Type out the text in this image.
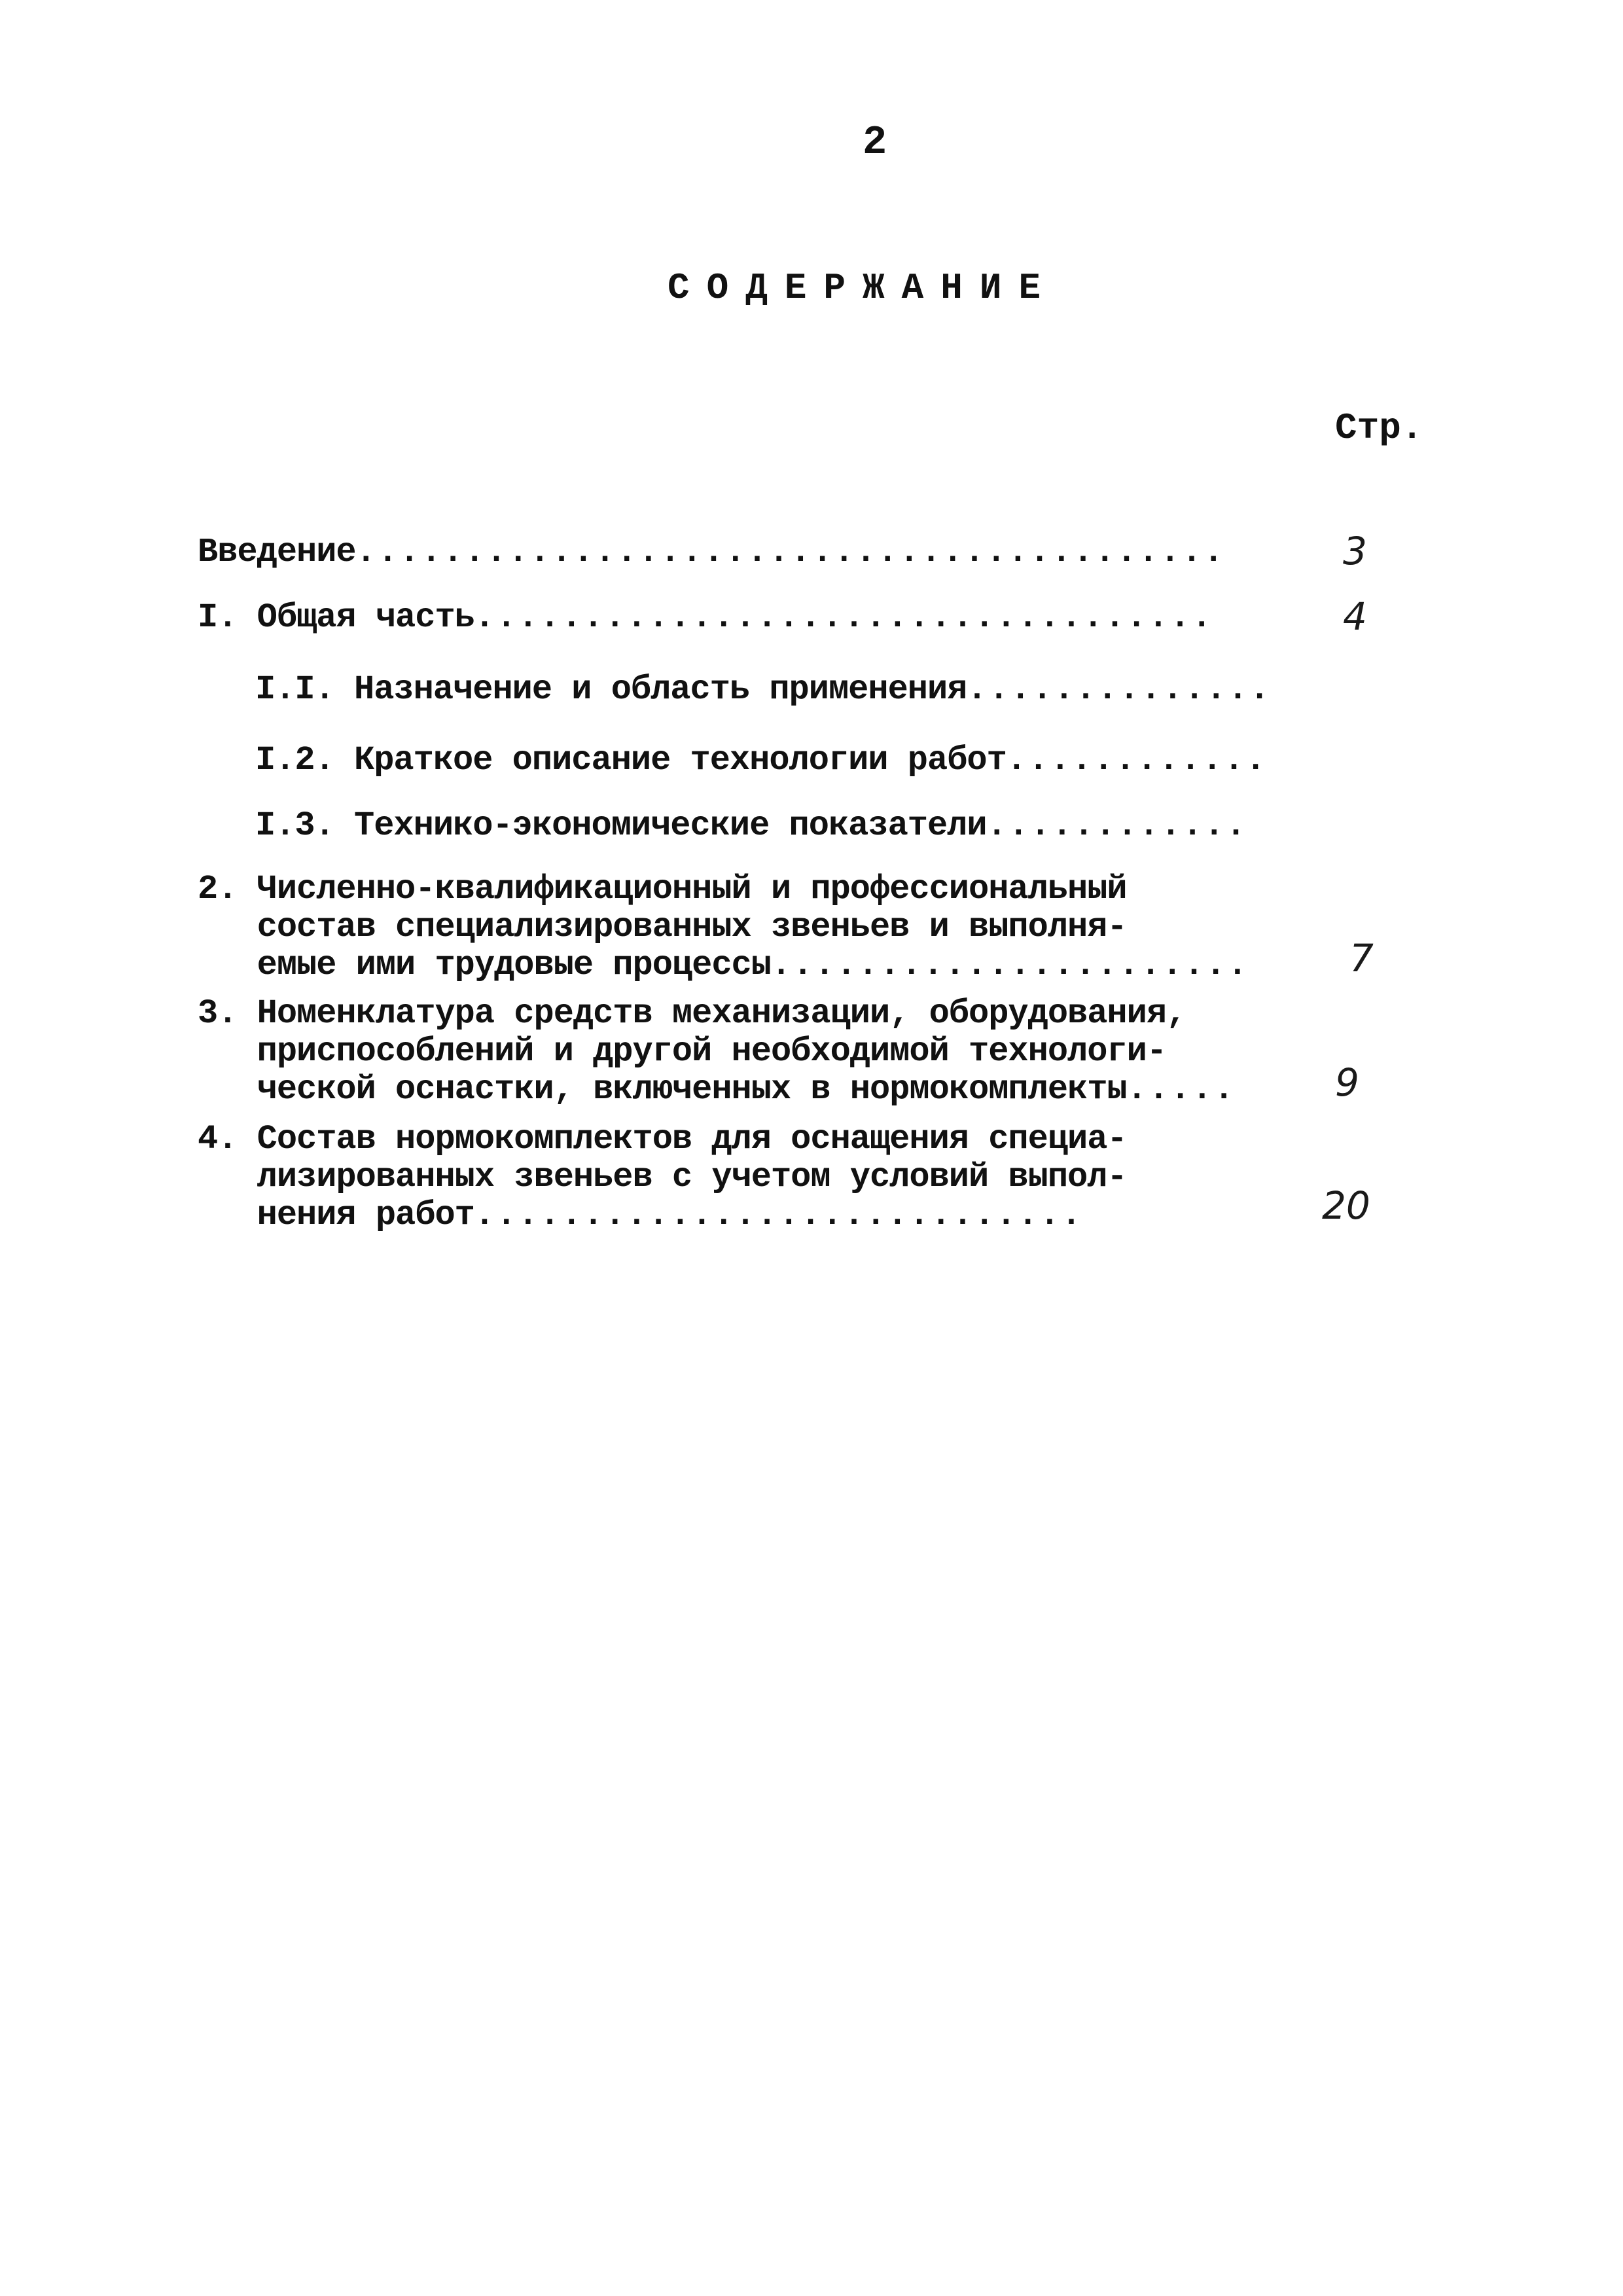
2
СОДЕРЖАНИЕ
Стр.
Введение........................................	3
I. Общая часть..................................	4
I.I. Назначение и область применения..............
I.2. Краткое описание технологии работ............
I.3. Технико-экономические показатели............
2. Численно-квалификационный и профессиональный
состав специализированных звеньев и выполня-
емые ими трудовые процессы......................	7
3. Номенклатура средств механизации, оборудования,
приспособлений и другой необходимой технологи-
ческой оснастки, включенных в нормокомплекты.....	9
4. Состав нормокомплектов для оснащения специа-
лизированных звеньев с учетом условий выпол-
нения работ............................	20
